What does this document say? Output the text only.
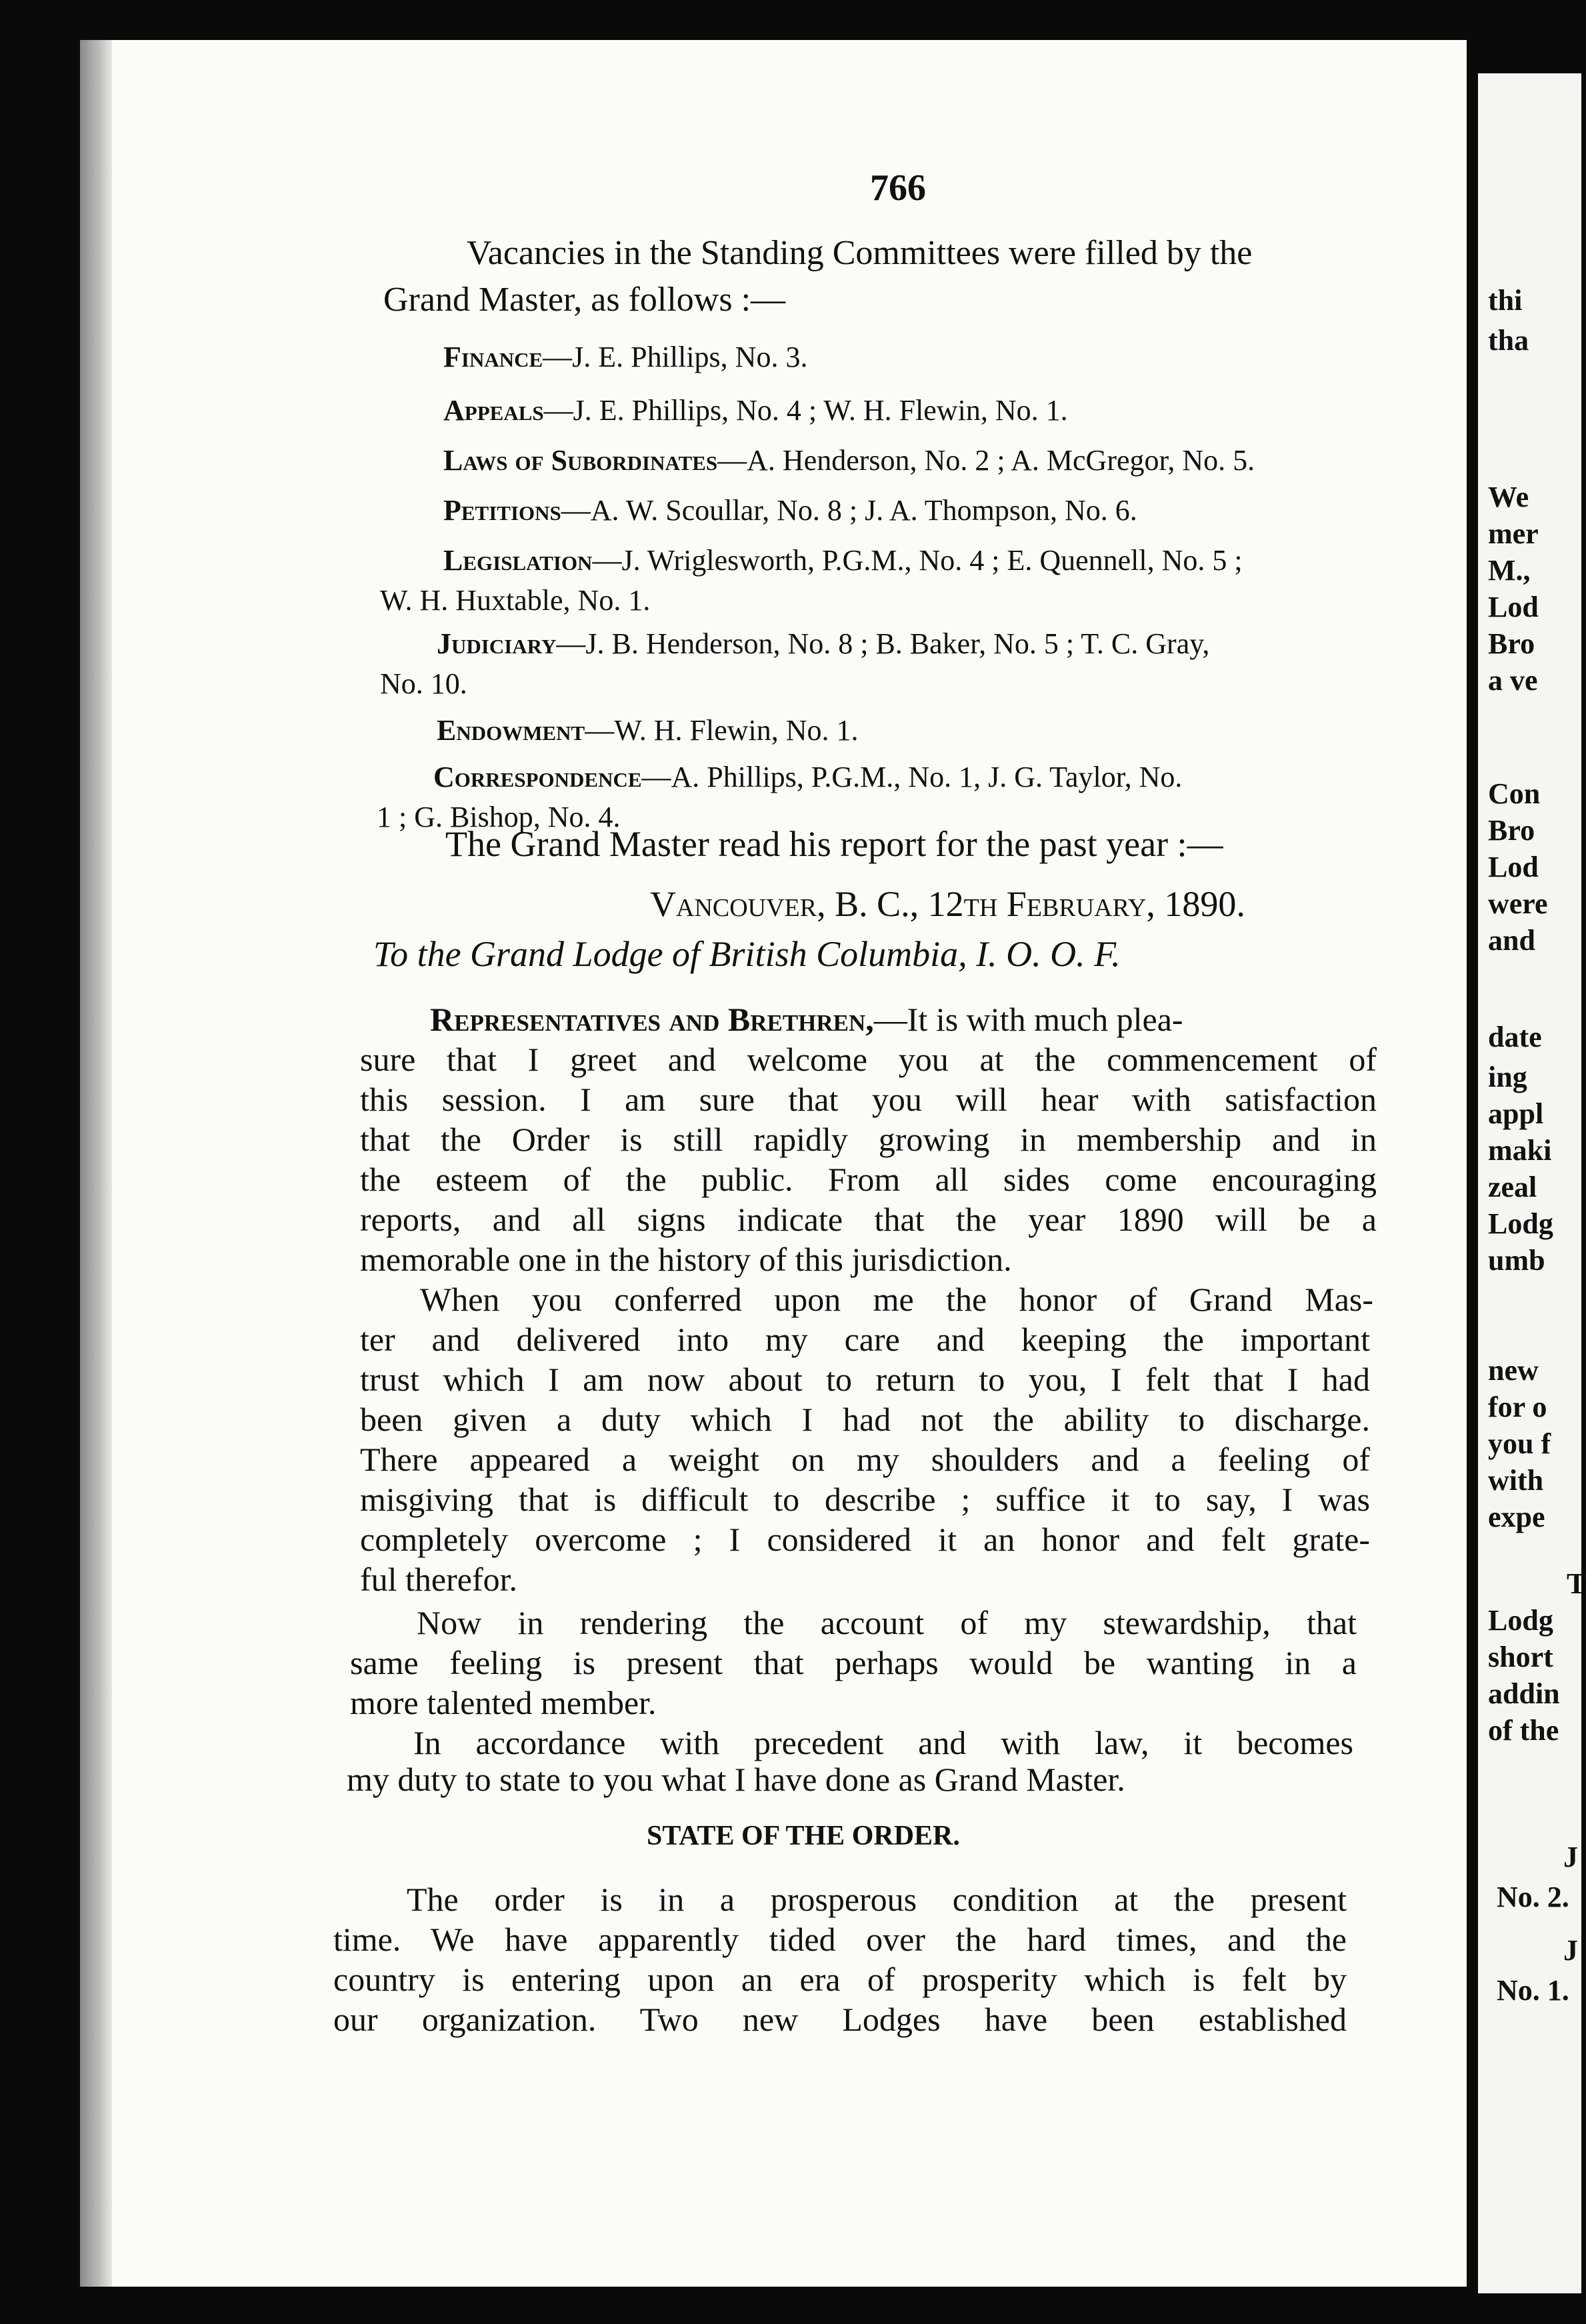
766
Vacancies in the Standing Committees were filled by the
Grand Master, as follows :—
Finance—J. E. Phillips, No. 3.
Appeals—J. E. Phillips, No. 4 ; W. H. Flewin, No. 1.
Laws of Subordinates—A. Henderson, No. 2 ; A. McGregor, No. 5.
Petitions—A. W. Scoullar, No. 8 ; J. A. Thompson, No. 6.
Legislation—J. Wriglesworth, P.G.M., No. 4 ; E. Quennell, No. 5 ;
W. H. Huxtable, No. 1.
Judiciary—J. B. Henderson, No. 8 ; B. Baker, No. 5 ; T. C. Gray,
No. 10.
Endowment—W. H. Flewin, No. 1.
Correspondence—A. Phillips, P.G.M., No. 1, J. G. Taylor, No.
1 ; G. Bishop, No. 4.
The Grand Master read his report for the past year :—
Vancouver, B. C., 12th February, 1890.
To the Grand Lodge of British Columbia, I. O. O. F.
Representatives and Brethren,—It is with much plea-
sure that I greet and welcome you at the commencement of
this session. I am sure that you will hear with satisfaction
that the Order is still rapidly growing in membership and in
the esteem of the public. From all sides come encouraging
reports, and all signs indicate that the year 1890 will be a
memorable one in the history of this jurisdiction.
When you conferred upon me the honor of Grand Mas-
ter and delivered into my care and keeping the important
trust which I am now about to return to you, I felt that I had
been given a duty which I had not the ability to discharge.
There appeared a weight on my shoulders and a feeling of
misgiving that is difficult to describe ; suffice it to say, I was
completely overcome ; I considered it an honor and felt grate-
ful therefor.
Now in rendering the account of my stewardship, that
same feeling is present that perhaps would be wanting in a
more talented member.
In accordance with precedent and with law, it becomes
my duty to state to you what I have done as Grand Master.
STATE OF THE ORDER.
The order is in a prosperous condition at the present
time. We have apparently tided over the hard times, and the
country is entering upon an era of prosperity which is felt by
our organization. Two new Lodges have been established
thi
tha
We
mer
M.,
Lod
Bro
a ve
Con
Bro
Lod
were
and
date
ing
appl
maki
zeal
Lodg
umb
new
for o
you f
with
expe
T
Lodg
short
addin
of the
J
No. 2.
J
No. 1.
